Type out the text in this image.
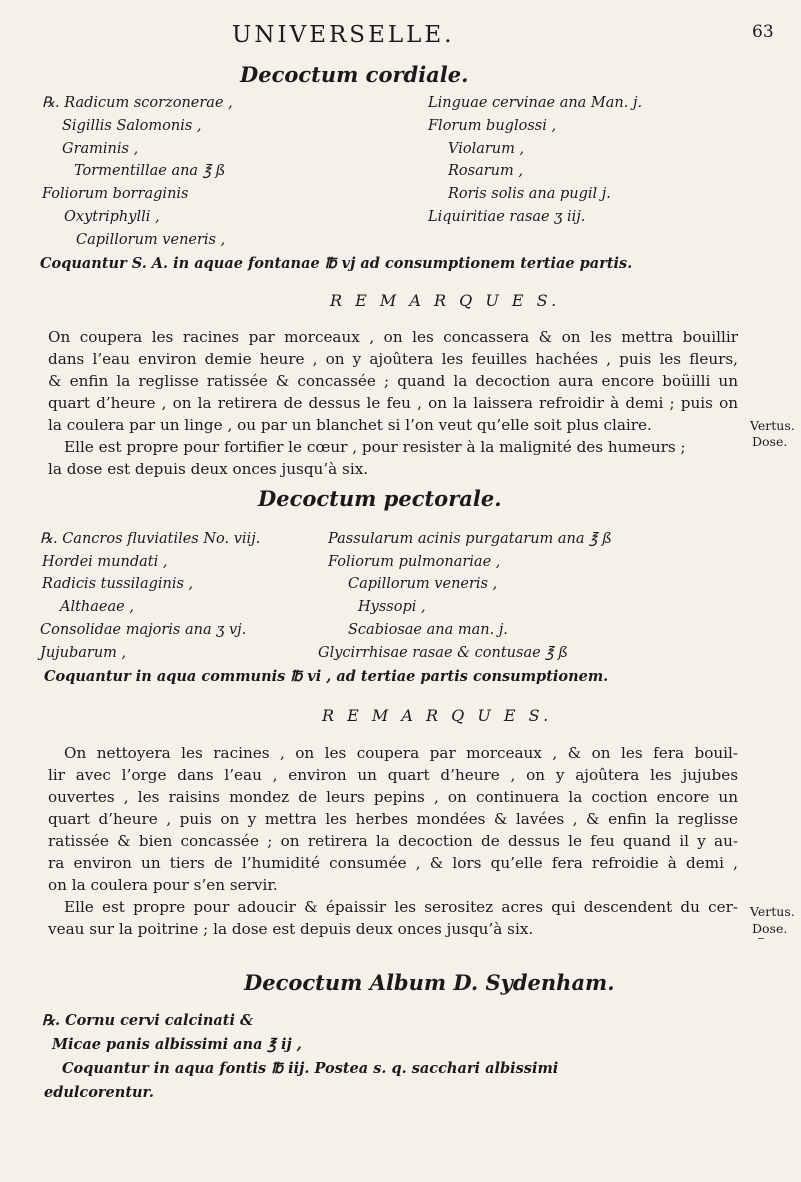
UNIVERSELLE.	63
Decoctum cordiale.
℞. Radicum scorzonerae ,
Sigillis Salomonis ,
Graminis ,
Tormentillae ana ℥ ß
Foliorum borraginis
Oxytriphylli ,
Capillorum veneris ,
Linguae cervinae ana Man. j.
Florum buglossi ,
Violarum ,
Rosarum ,
Roris solis ana pugil j.
Liquiritiae rasae ʒ iij.
Coquantur S. A. in aquae fontanae ℔ vj ad consumptionem tertiae partis.
R E M A R Q U E S.
On coupera les racines par morceaux , on les concassera & on les mettra bouillir
dans l’eau environ demie heure , on y ajoûtera les feuilles hachées , puis les fleurs,
& enfin la reglisse ratissée & concassée ; quand la decoction aura encore boüilli un
quart d’heure , on la retirera de dessus le feu , on la laissera refroidir à demi ; puis on
la coulera par un linge , ou par un blanchet si l’on veut qu’elle soit plus claire.
Elle est propre pour fortifier le cœur , pour resister à la malignité des humeurs ;
la dose est depuis deux onces jusqu’à six.
Vertus.
Dose.
Decoctum pectorale.
℞. Cancros fluviatiles No. viij.
Hordei mundati ,
Radicis tussilaginis ,
Althaeae ,
Consolidae majoris ana ʒ vj.
Jujubarum ,
Passularum acinis purgatarum ana ℥ ß
Foliorum pulmonariae ,
Capillorum veneris ,
Hyssopi ,
Scabiosae ana man. j.
Glycirrhisae rasae & contusae ℥ ß
Coquantur in aqua communis ℔ vi , ad tertiae partis consumptionem.
R E M A R Q U E S.
On nettoyera les racines , on les coupera par morceaux , & on les fera bouil-
lir avec l’orge dans l’eau , environ un quart d’heure , on y ajoûtera les jujubes
ouvertes , les raisins mondez de leurs pepins , on continuera la coction encore un
quart d’heure , puis on y mettra les herbes mondées & lavées , & enfin la reglisse
ratissée & bien concassée ; on retirera la decoction de dessus le feu quand il y au-
ra environ un tiers de l’humidité consumée , & lors qu’elle fera refroidie à demi ,
on la coulera pour s’en servir.
Elle est propre pour adoucir & épaissir les serositez acres qui descendent du cer-
veau sur la poitrine ; la dose est depuis deux onces jusqu’à six.
Vertus.
Dose.
Decoctum Album D. Sydenham.
℞. Cornu cervi calcinati &
Micae panis albissimi ana ℥ ij ,
Coquantur in aqua fontis ℔ iij. Postea s. q. sacchari albissimi
edulcorentur.
